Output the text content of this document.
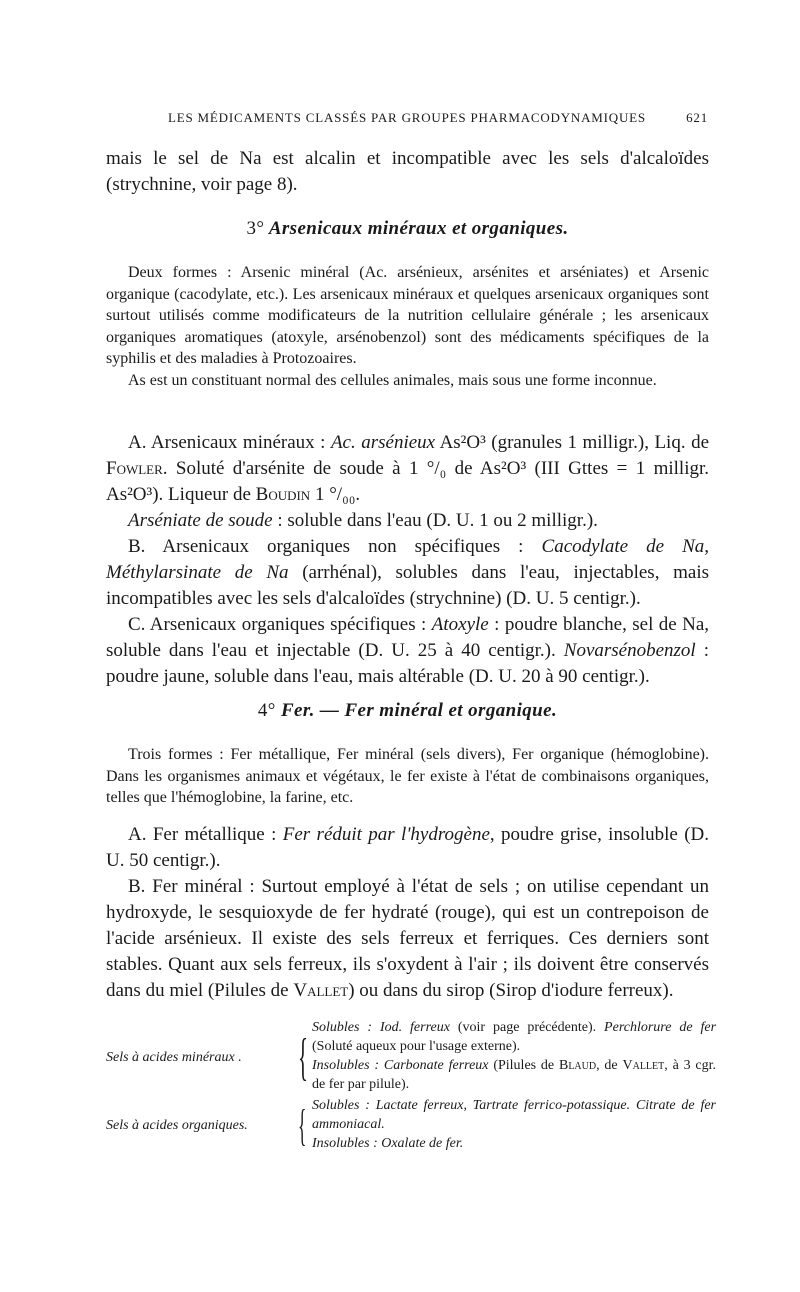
LES MÉDICAMENTS CLASSÉS PAR GROUPES PHARMACODYNAMIQUES	621

mais le sel de Na est alcalin et incompatible avec les sels d'alcaloïdes (strychnine, voir page 8).

3° Arsenicaux minéraux et organiques.

Deux formes : Arsenic minéral (Ac. arsénieux, arsénites et arséniates) et Arsenic organique (cacodylate, etc.). Les arsenicaux minéraux et quelques arsenicaux organiques sont surtout utilisés comme modificateurs de la nutrition cellulaire générale ; les arsenicaux organiques aromatiques (atoxyle, arsénobenzol) sont des médicaments spécifiques de la syphilis et des maladies à Protozoaires.

As est un constituant normal des cellules animales, mais sous une forme inconnue.

A. Arsenicaux minéraux : Ac. arsénieux As²O³ (granules 1 milligr.), Liq. de Fowler. Soluté d'arsénite de soude à 1 °/₀ de As²O³ (III Gttes = 1 milligr. As²O³). Liqueur de Boudin 1 °/₀₀.

Arséniate de soude : soluble dans l'eau (D. U. 1 ou 2 milligr.).

B. Arsenicaux organiques non spécifiques : Cacodylate de Na, Méthylarsinate de Na (arrhénal), solubles dans l'eau, injectables, mais incompatibles avec les sels d'alcaloïdes (strychnine) (D. U. 5 centigr.).

C. Arsenicaux organiques spécifiques : Atoxyle : poudre blanche, sel de Na, soluble dans l'eau et injectable (D. U. 25 à 40 centigr.). Novarsénobenzol : poudre jaune, soluble dans l'eau, mais altérable (D. U. 20 à 90 centigr.).

4° Fer. — Fer minéral et organique.

Trois formes : Fer métallique, Fer minéral (sels divers), Fer organique (hémoglobine). Dans les organismes animaux et végétaux, le fer existe à l'état de combinaisons organiques, telles que l'hémoglobine, la farine, etc.

A. Fer métallique : Fer réduit par l'hydrogène, poudre grise, insoluble (D. U. 50 centigr.).

B. Fer minéral : Surtout employé à l'état de sels ; on utilise cependant un hydroxyde, le sesquioxyde de fer hydraté (rouge), qui est un contrepoison de l'acide arsénieux. Il existe des sels ferreux et ferriques. Ces derniers sont stables. Quant aux sels ferreux, ils s'oxydent à l'air ; ils doivent être conservés dans du miel (Pilules de Vallet) ou dans du sirop (Sirop d'iodure ferreux).

Sels à acides minéraux .	{
Solubles : Iod. ferreux (voir page précédente). Perchlorure de fer (Soluté aqueux pour l'usage externe).
Insolubles : Carbonate ferreux (Pilules de Blaud, de Vallet, à 3 cgr. de fer par pilule).
Sels à acides organiques.	{ Solubles : Lactate ferreux, Tartrate ferrico-potassique. Citrate de fer ammoniacal.
Insolubles : Oxalate de fer.
